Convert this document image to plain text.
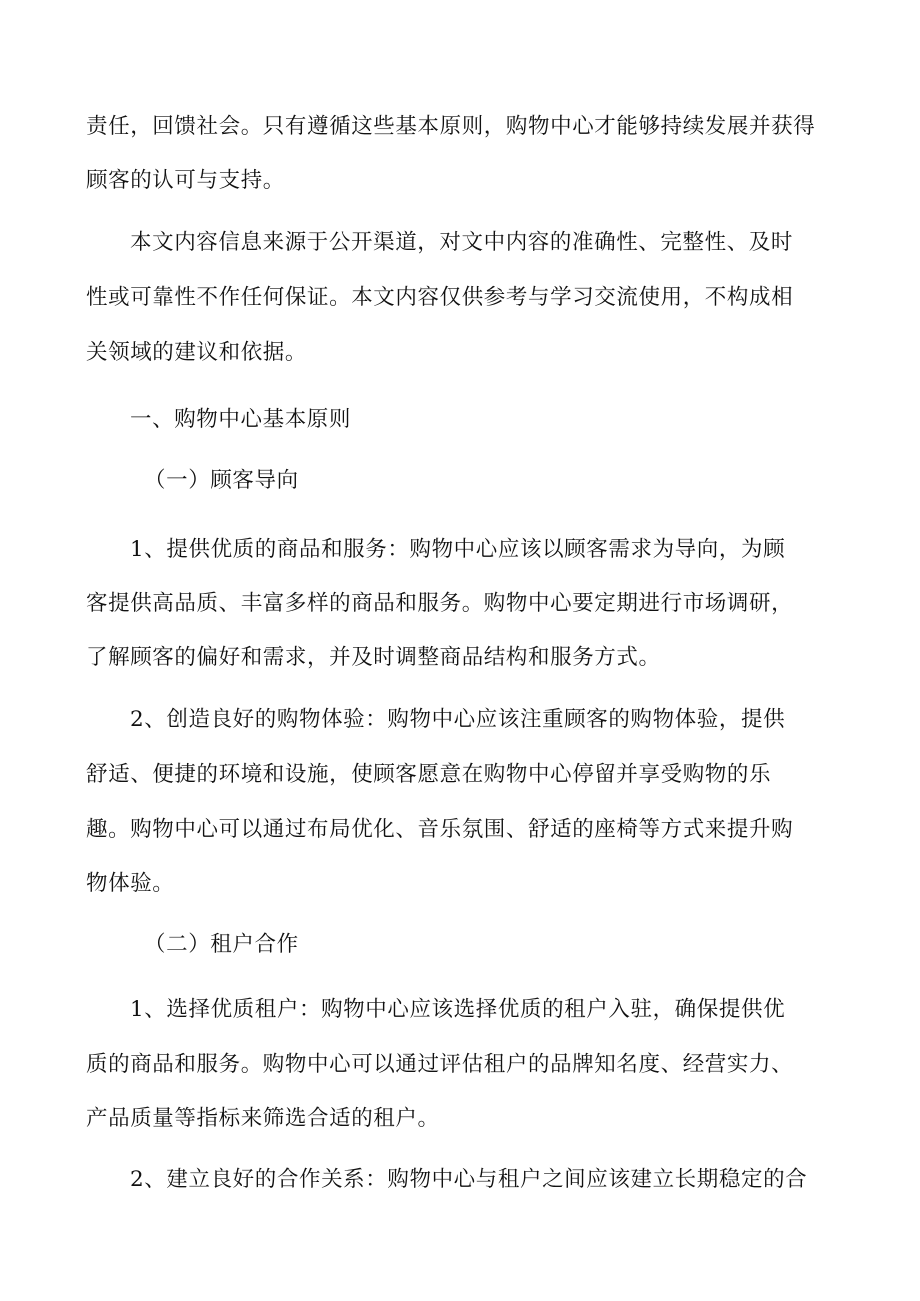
责任，回馈社会。只有遵循这些基本原则，购物中心才能够持续发展并获得
顾客的认可与支持。
本文内容信息来源于公开渠道，对文中内容的准确性、完整性、及时
性或可靠性不作任何保证。本文内容仅供参考与学习交流使用，不构成相
关领域的建议和依据。
一、购物中心基本原则
（一）顾客导向
1、提供优质的商品和服务：购物中心应该以顾客需求为导向，为顾
客提供高品质、丰富多样的商品和服务。购物中心要定期进行市场调研，
了解顾客的偏好和需求，并及时调整商品结构和服务方式。
2、创造良好的购物体验：购物中心应该注重顾客的购物体验，提供
舒适、便捷的环境和设施，使顾客愿意在购物中心停留并享受购物的乐
趣。购物中心可以通过布局优化、音乐氛围、舒适的座椅等方式来提升购
物体验。
（二）租户合作
1、选择优质租户：购物中心应该选择优质的租户入驻，确保提供优
质的商品和服务。购物中心可以通过评估租户的品牌知名度、经营实力、
产品质量等指标来筛选合适的租户。
2、建立良好的合作关系：购物中心与租户之间应该建立长期稳定的合
